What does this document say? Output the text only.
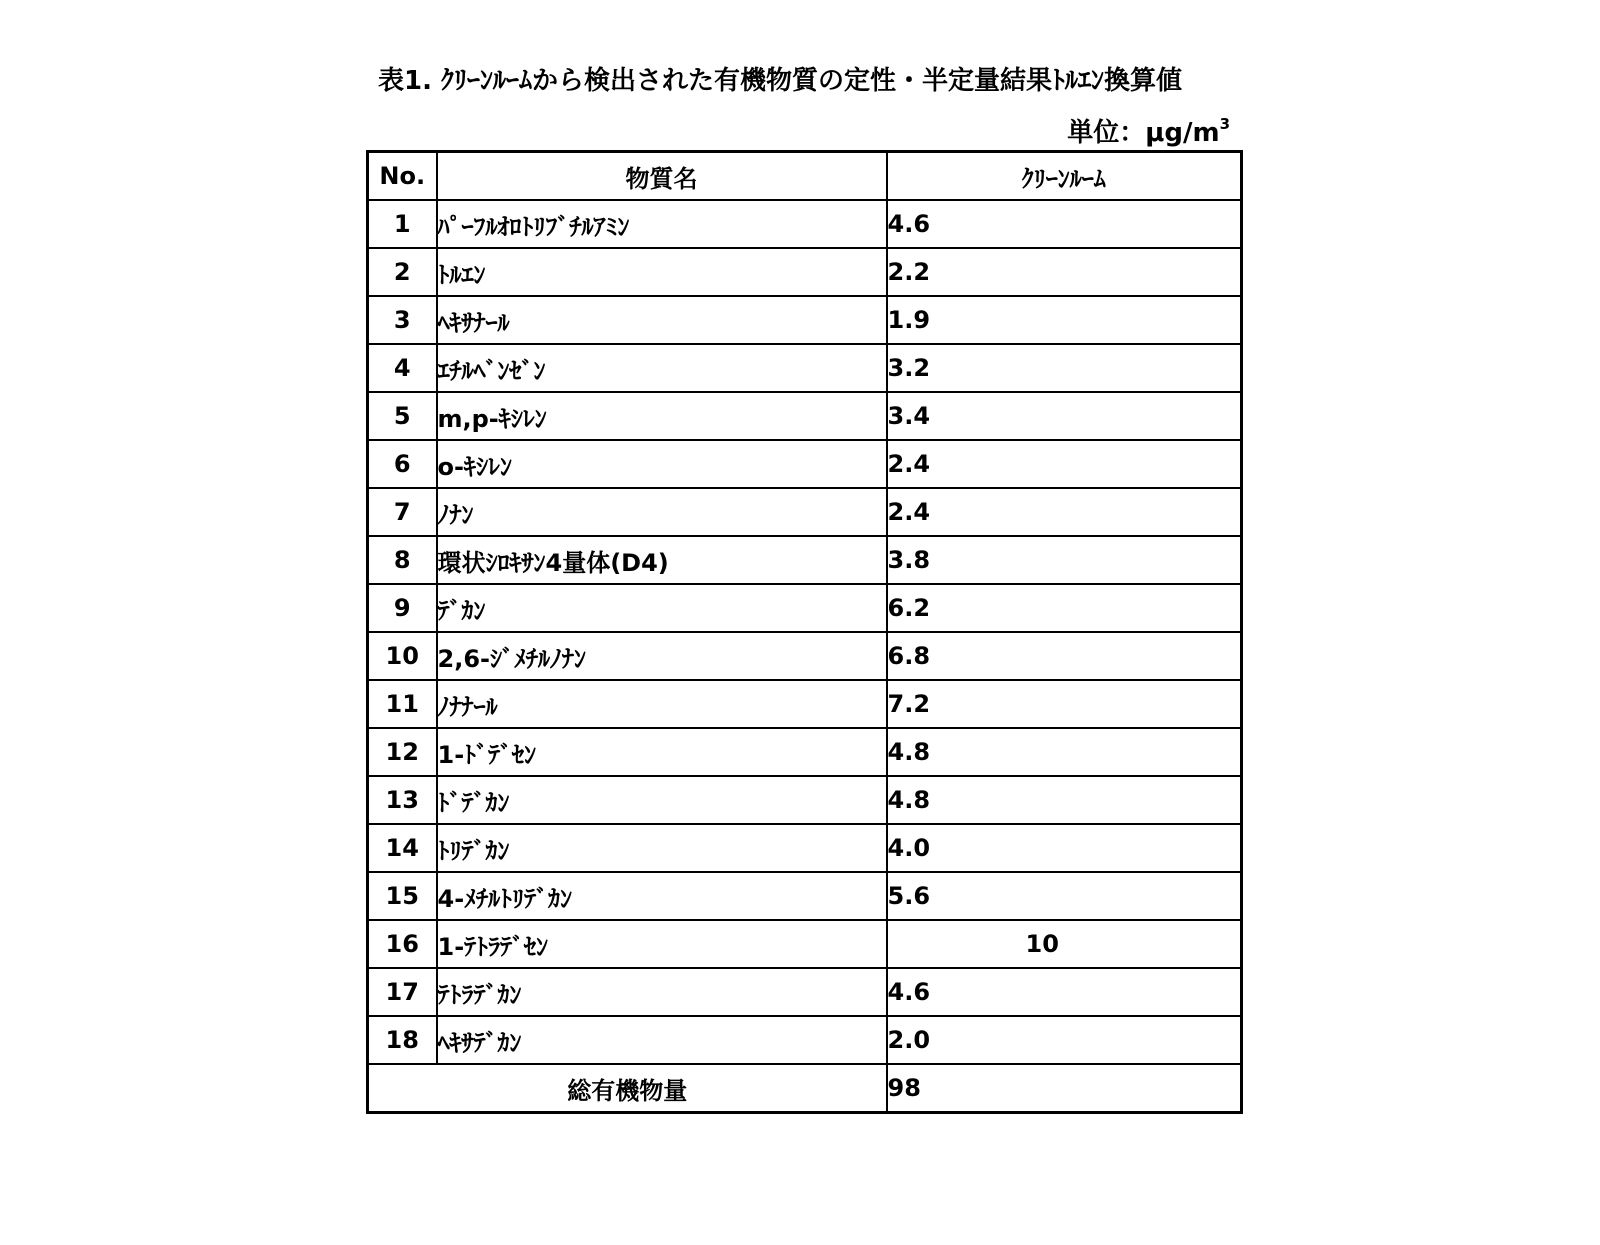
表1. ｸﾘｰﾝﾙｰﾑから検出された有機物質の定性・半定量結果ﾄﾙｴﾝ換算値
単位：$\mu g/m^3$
No.	物質名	ｸﾘｰﾝﾙｰﾑ
1	ﾊﾟｰﾌﾙｵﾛﾄﾘﾌﾞﾁﾙｱﾐﾝ	4.6
2	ﾄﾙｴﾝ	2.2
3	ﾍｷｻﾅｰﾙ	1.9
4	ｴﾁﾙﾍﾞﾝｾﾞﾝ	3.2
5	m,p-ｷｼﾚﾝ	3.4
6	o-ｷｼﾚﾝ	2.4
7	ﾉﾅﾝ	2.4
8	環状ｼﾛｷｻﾝ4量体(D4)	3.8
9	ﾃﾞｶﾝ	6.2
10	2,6-ｼﾞﾒﾁﾙﾉﾅﾝ	6.8
11	ﾉﾅﾅｰﾙ	7.2
12	1-ﾄﾞﾃﾞｾﾝ	4.8
13	ﾄﾞﾃﾞｶﾝ	4.8
14	ﾄﾘﾃﾞｶﾝ	4.0
15	4-ﾒﾁﾙﾄﾘﾃﾞｶﾝ	5.6
16	1-ﾃﾄﾗﾃﾞｾﾝ	10
17	ﾃﾄﾗﾃﾞｶﾝ	4.6
18	ﾍｷｻﾃﾞｶﾝ	2.0
総有機物量		98
